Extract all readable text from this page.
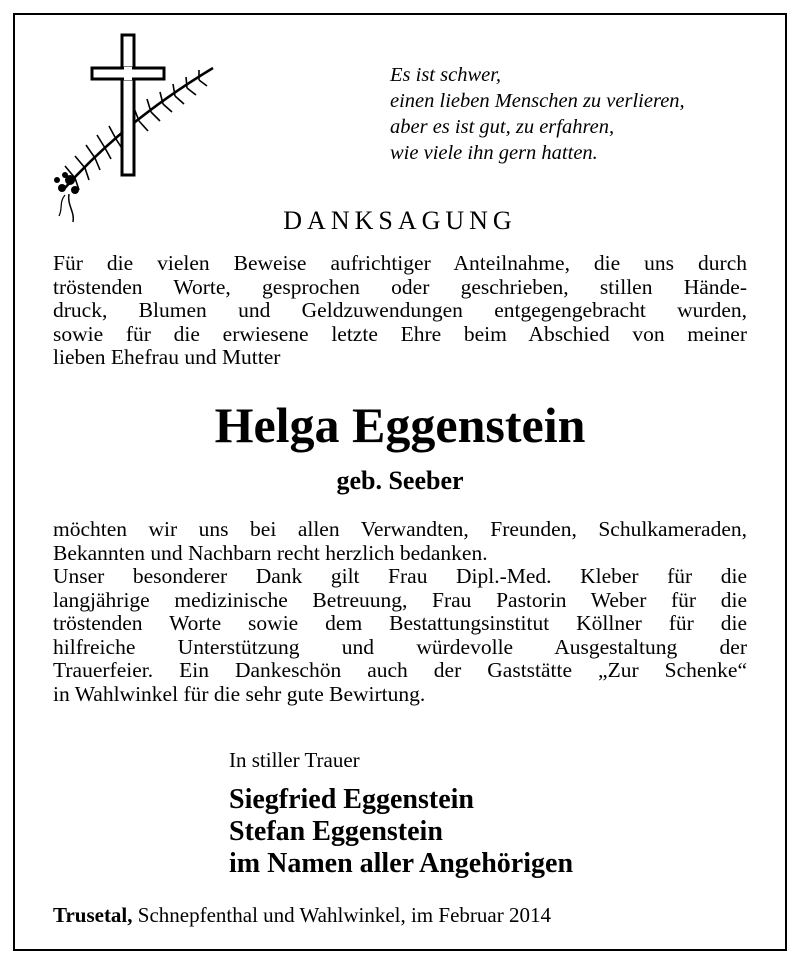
Es ist schwer,
einen lieben Menschen zu verlieren,
aber es ist gut, zu erfahren,
wie viele ihn gern hatten.
DANKSAGUNG
Für die vielen Beweise aufrichtiger Anteilnahme, die uns durch
tröstenden Worte, gesprochen oder geschrieben, stillen Hände-
druck, Blumen und Geldzuwendungen entgegengebracht wurden,
sowie für die erwiesene letzte Ehre beim Abschied von meiner
lieben Ehefrau und Mutter
Helga Eggenstein
geb. Seeber
möchten wir uns bei allen Verwandten, Freunden, Schulkameraden,
Bekannten und Nachbarn recht herzlich bedanken.
Unser besonderer Dank gilt Frau Dipl.-Med. Kleber für die
langjährige medizinische Betreuung, Frau Pastorin Weber für die
tröstenden Worte sowie dem Bestattungsinstitut Köllner für die
hilfreiche Unterstützung und würdevolle Ausgestaltung der
Trauerfeier. Ein Dankeschön auch der Gaststätte „Zur Schenke“
in Wahlwinkel für die sehr gute Bewirtung.
In stiller Trauer
Siegfried Eggenstein
Stefan Eggenstein
im Namen aller Angehörigen
Trusetal, Schnepfenthal und Wahlwinkel, im Februar 2014
